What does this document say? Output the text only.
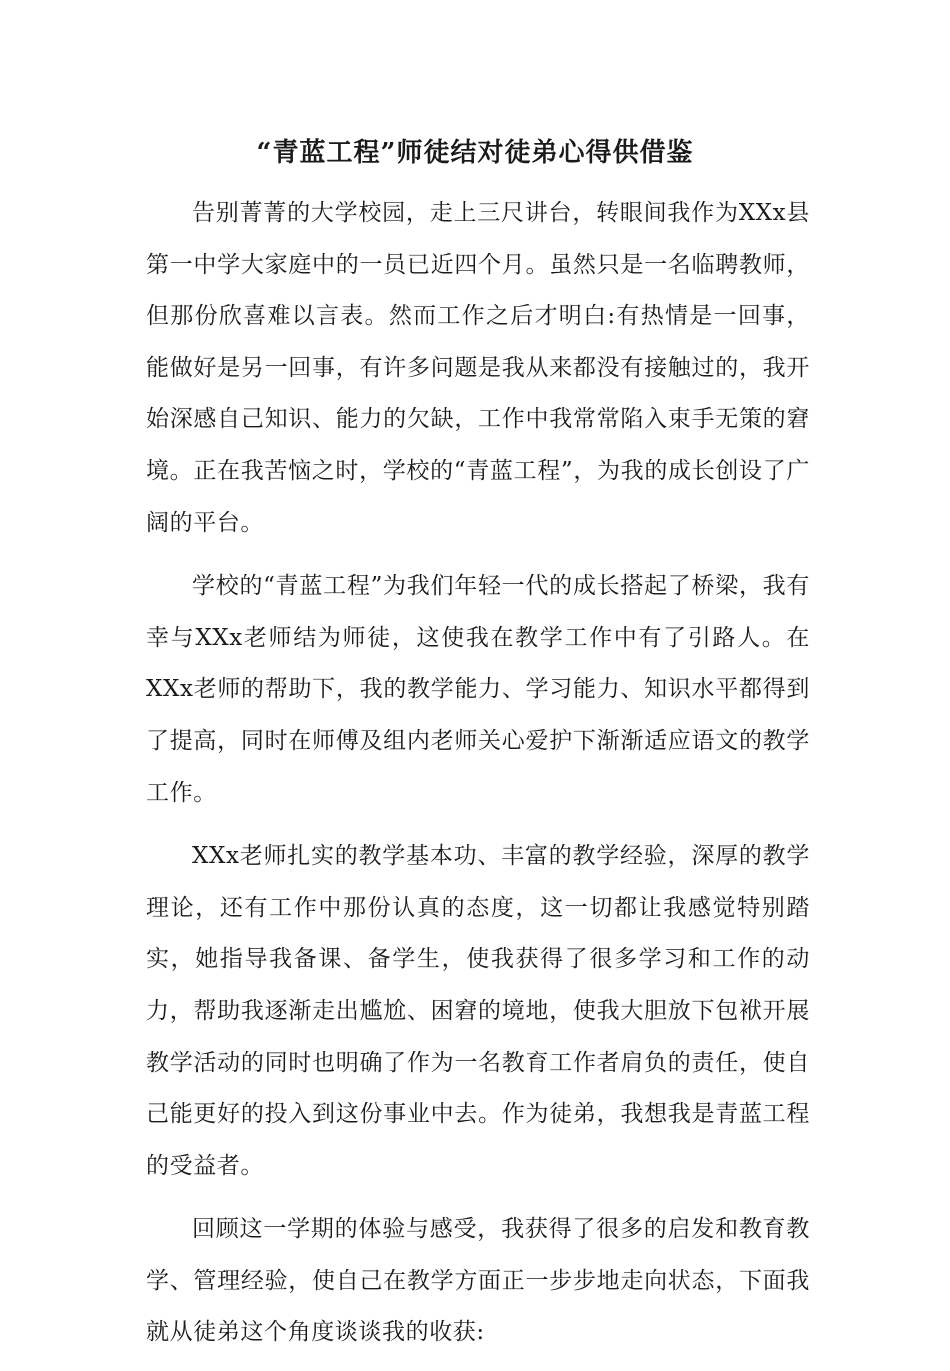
“青蓝工程”师徒结对徒弟心得供借鉴

告别菁菁的大学校园，走上三尺讲台，转眼间我作为XXx县第一中学大家庭中的一员已近四个月。虽然只是一名临聘教师，但那份欣喜难以言表。然而工作之后才明白:有热情是一回事，能做好是另一回事，有许多问题是我从来都没有接触过的，我开始深感自己知识、能力的欠缺，工作中我常常陷入束手无策的窘境。正在我苦恼之时，学校的“青蓝工程”，为我的成长创设了广阔的平台。

学校的“青蓝工程”为我们年轻一代的成长搭起了桥梁，我有幸与XXx老师结为师徒，这使我在教学工作中有了引路人。在XXx老师的帮助下，我的教学能力、学习能力、知识水平都得到了提高，同时在师傅及组内老师关心爱护下渐渐适应语文的教学工作。

XXx老师扎实的教学基本功、丰富的教学经验，深厚的教学理论，还有工作中那份认真的态度，这一切都让我感觉特别踏实，她指导我备课、备学生，使我获得了很多学习和工作的动力，帮助我逐渐走出尴尬、困窘的境地，使我大胆放下包袱开展教学活动的同时也明确了作为一名教育工作者肩负的责任，使自己能更好的投入到这份事业中去。作为徒弟，我想我是青蓝工程的受益者。

回顾这一学期的体验与感受，我获得了很多的启发和教育教学、管理经验，使自己在教学方面正一步步地走向状态，下面我就从徒弟这个角度谈谈我的收获:
